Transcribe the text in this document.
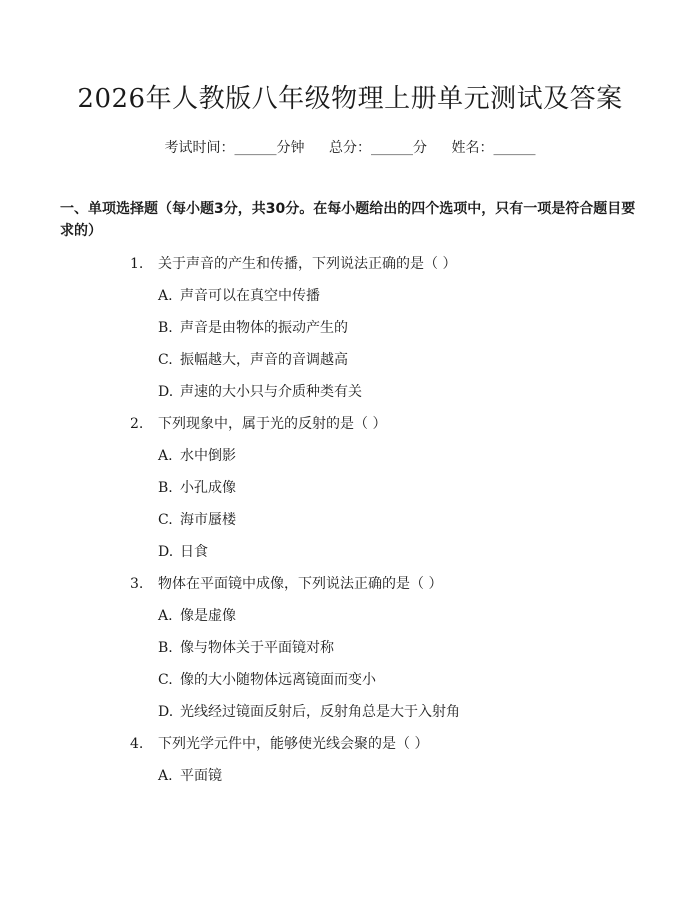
2026年人教版八年级物理上册单元测试及答案
考试时间：______分钟 总分：______分 姓名：______
一、单项选择题（每小题3分，共30分。在每小题给出的四个选项中，只有一项是符合题目要求的）
1. 关于声音的产生和传播，下列说法正确的是（ ）
A. 声音可以在真空中传播
B. 声音是由物体的振动产生的
C. 振幅越大，声音的音调越高
D. 声速的大小只与介质种类有关
2. 下列现象中，属于光的反射的是（ ）
A. 水中倒影
B. 小孔成像
C. 海市蜃楼
D. 日食
3. 物体在平面镜中成像，下列说法正确的是（ ）
A. 像是虚像
B. 像与物体关于平面镜对称
C. 像的大小随物体远离镜面而变小
D. 光线经过镜面反射后，反射角总是大于入射角
4. 下列光学元件中，能够使光线会聚的是（ ）
A. 平面镜
